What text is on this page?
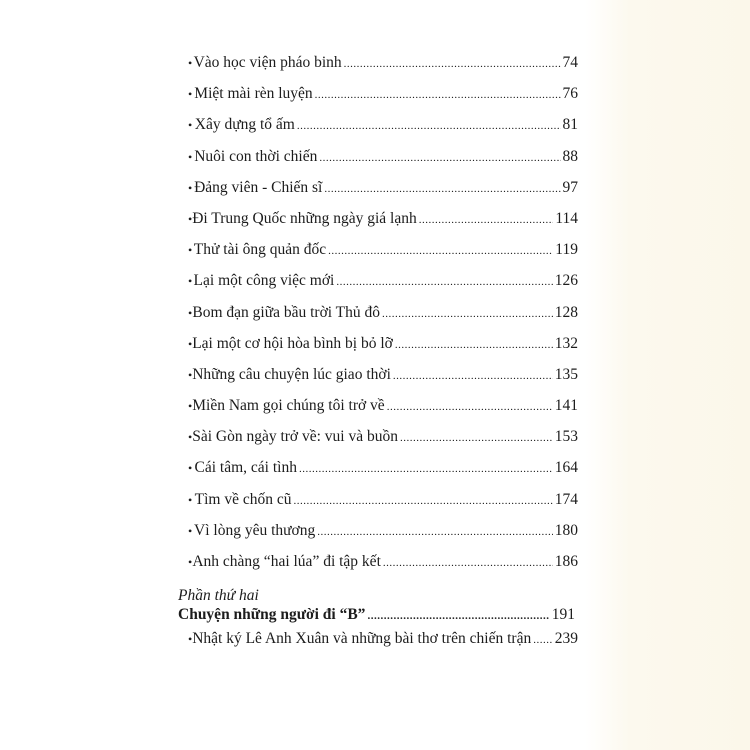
• Vào học viện pháo binh .....	74
• Miệt mài rèn luyện .....	76
• Xây dựng tổ ấm .....	81
• Nuôi con thời chiến .....	88
• Đảng viên - Chiến sĩ .....	97
• Đi Trung Quốc những ngày giá lạnh .....	114
• Thử tài ông quản đốc .....	119
• Lại một công việc mới .....	126
• Bom đạn giữa bầu trời Thủ đô .....	128
• Lại một cơ hội hòa bình bị bỏ lỡ .....	132
• Những câu chuyện lúc giao thời .....	135
• Miền Nam gọi chúng tôi trở về .....	141
• Sài Gòn ngày trở về: vui và buồn .....	153
• Cái tâm, cái tình .....	164
• Tìm về chốn cũ .....	174
• Vì lòng yêu thương .....	180
• Anh chàng “hai lúa” đi tập kết .....	186
Phần thứ hai
Chuyện những người đi “B” .....	191
• Nhật ký Lê Anh Xuân và những bài thơ trên chiến trận ..... 239
